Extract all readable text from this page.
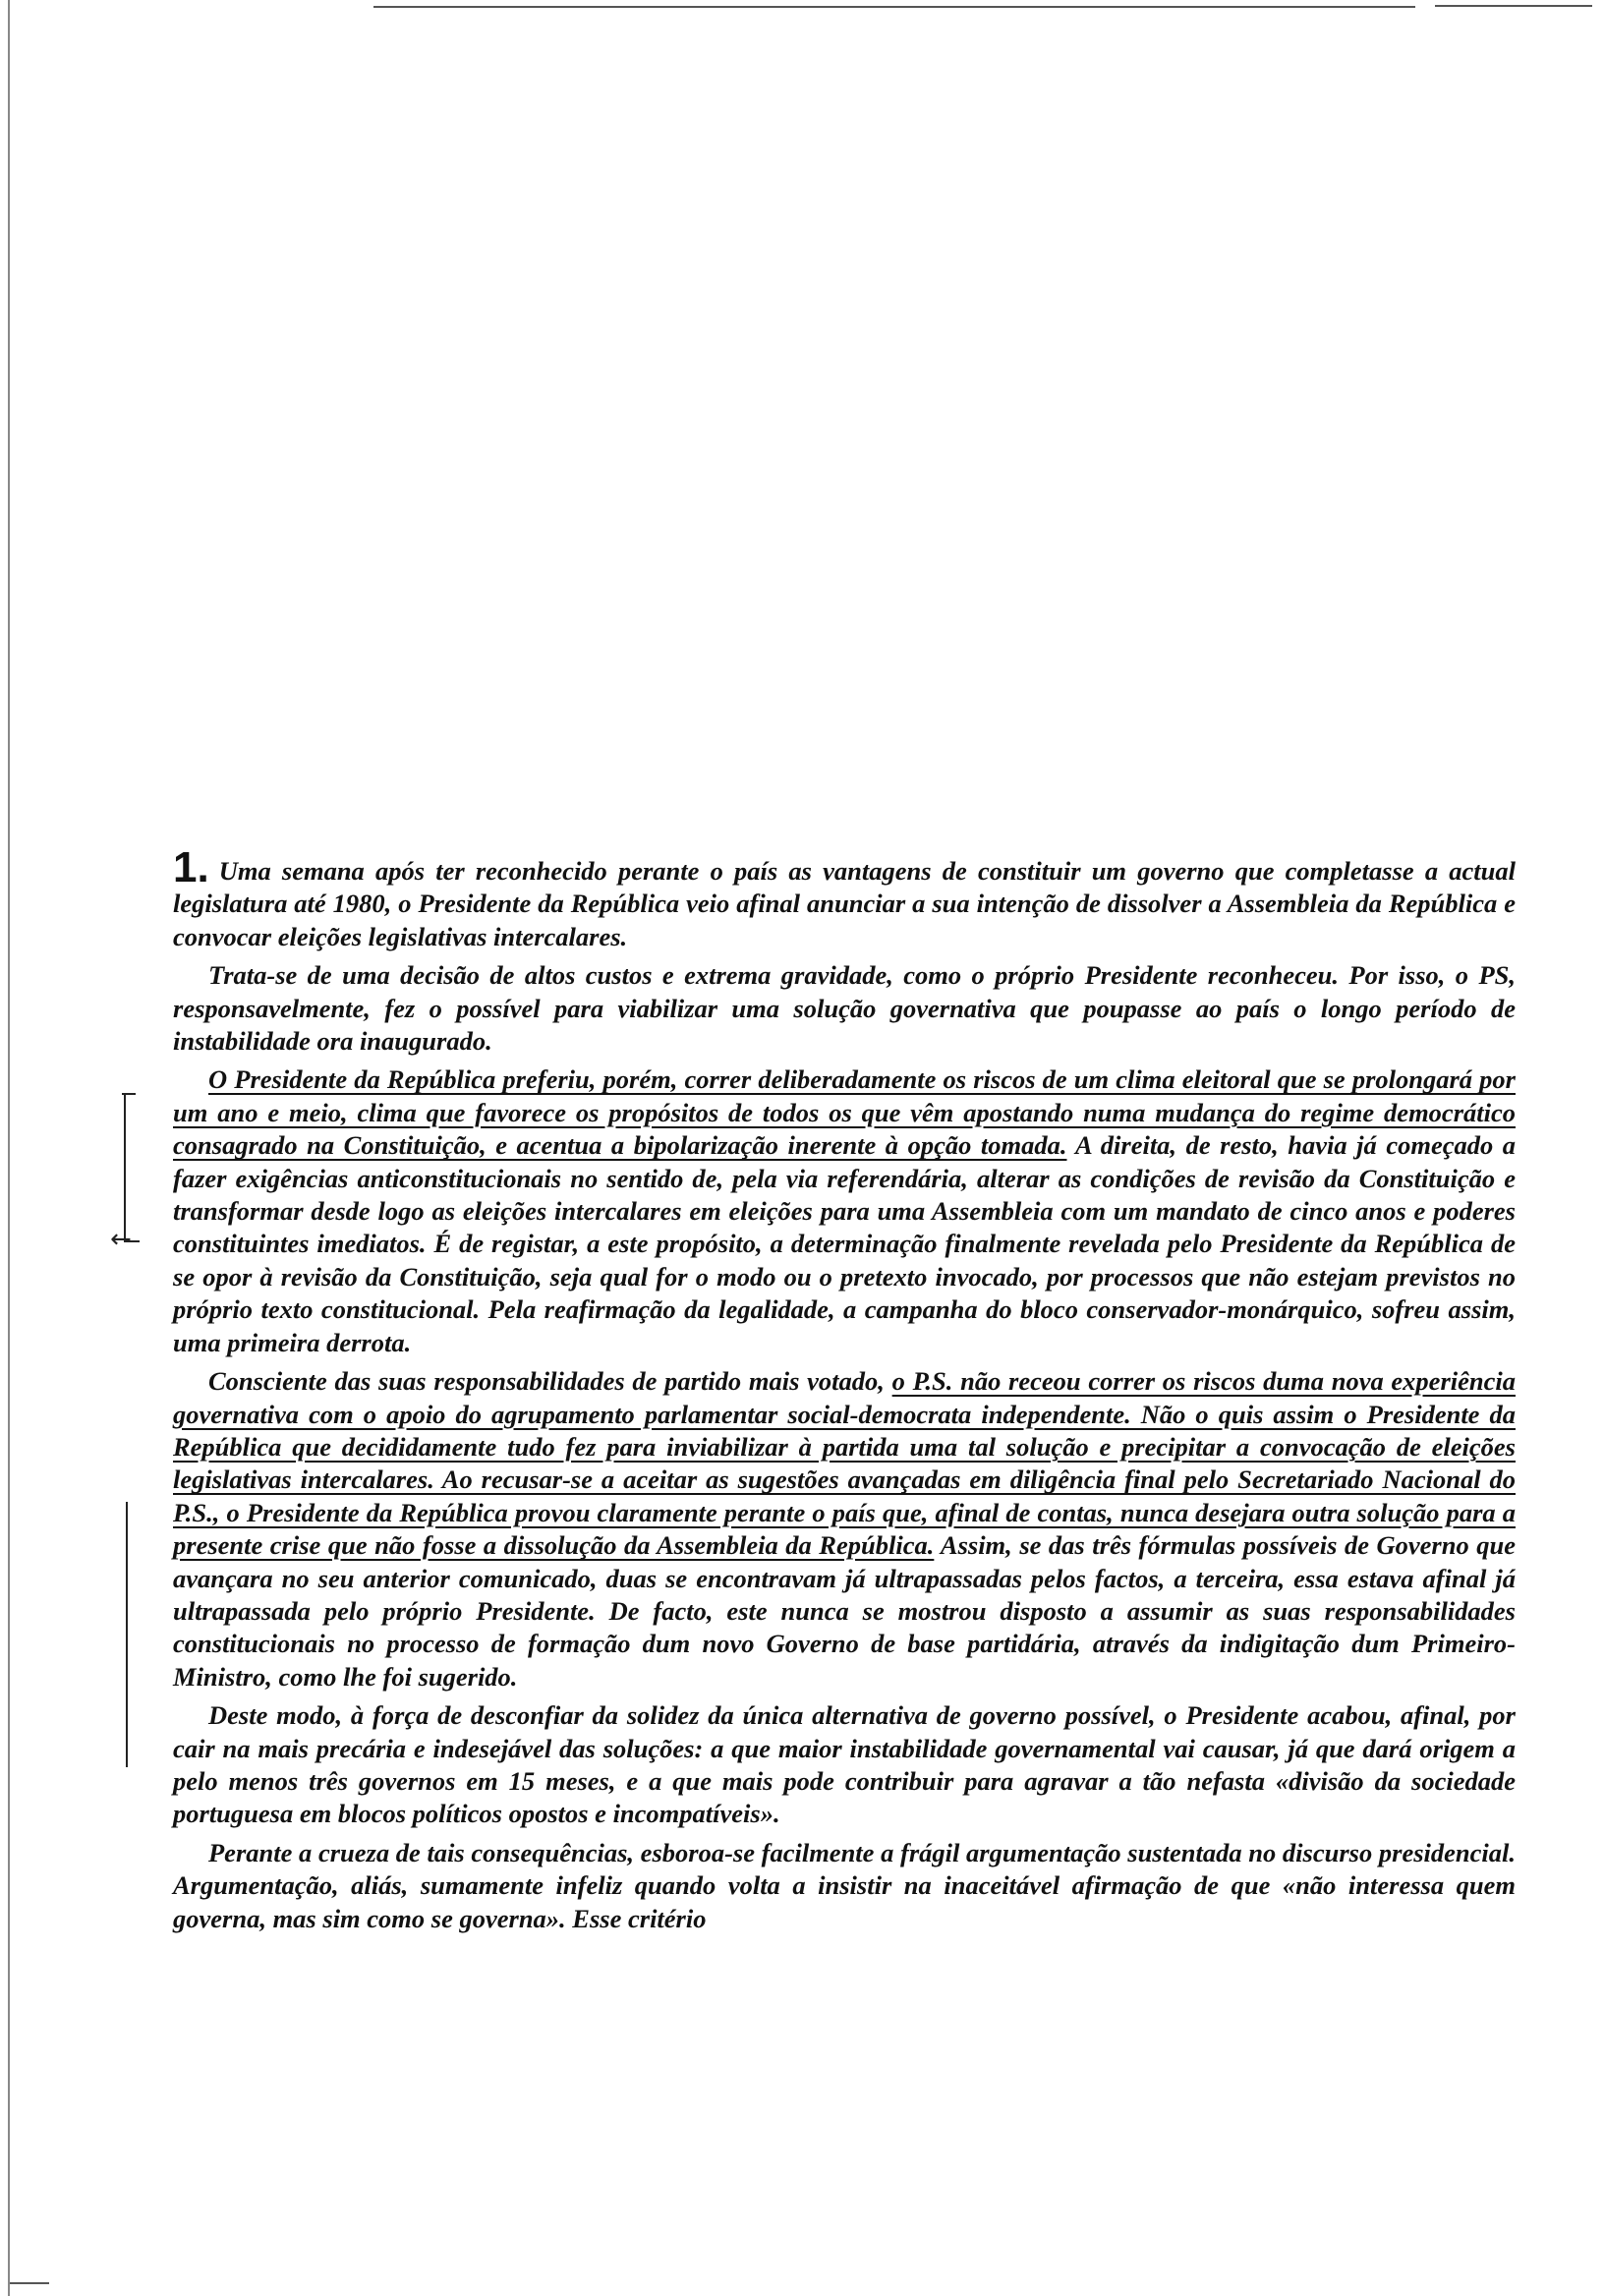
1. Uma semana após ter reconhecido perante o país as vantagens de constituir um governo que completasse a actual legislatura até 1980, o Presidente da República veio afinal anunciar a sua intenção de dissolver a Assembleia da República e convocar eleições legislativas intercalares.

Trata-se de uma decisão de altos custos e extrema gravidade, como o próprio Presidente reconheceu. Por isso, o PS, responsavelmente, fez o possível para viabilizar uma solução governativa que poupasse ao país o longo período de instabilidade ora inaugurado.

O Presidente da República preferiu, porém, correr deliberadamente os riscos de um clima eleitoral que se prolongará por um ano e meio, clima que favorece os propósitos de todos os que vêm apostando numa mudança do regime democrático consagrado na Constituição, e acentua a bipolarização inerente à opção tomada. A direita, de resto, havia já começado a fazer exigências anticonstitucionais no sentido de, pela via referendária, alterar as condições de revisão da Constituição e transformar desde logo as eleições intercalares em eleições para uma Assembleia com um mandato de cinco anos e poderes constituintes imediatos. É de registar, a este propósito, a determinação finalmente revelada pelo Presidente da República de se opor à revisão da Constituição, seja qual for o modo ou o pretexto invocado, por processos que não estejam previstos no próprio texto constitucional. Pela reafirmação da legalidade, a campanha do bloco conservador-monárquico, sofreu assim, uma primeira derrota.

Consciente das suas responsabilidades de partido mais votado, o P.S. não receou correr os riscos duma nova experiência governativa com o apoio do agrupamento parlamentar social-democrata independente. Não o quis assim o Presidente da República que decididamente tudo fez para inviabilizar à partida uma tal solução e precipitar a convocação de eleições legislativas intercalares. Ao recusar-se a aceitar as sugestões avançadas em diligência final pelo Secretariado Nacional do P.S., o Presidente da República provou claramente perante o país que, afinal de contas, nunca desejara outra solução para a presente crise que não fosse a dissolução da Assembleia da República. Assim, se das três fórmulas possíveis de Governo que avançara no seu anterior comunicado, duas se encontravam já ultrapassadas pelos factos, a terceira, essa estava afinal já ultrapassada pelo próprio Presidente. De facto, este nunca se mostrou disposto a assumir as suas responsabilidades constitucionais no processo de formação dum novo Governo de base partidária, através da indigitação dum Primeiro-Ministro, como lhe foi sugerido.

Deste modo, à força de desconfiar da solidez da única alternativa de governo possível, o Presidente acabou, afinal, por cair na mais precária e indesejável das soluções: a que maior instabilidade governamental vai causar, já que dará origem a pelo menos três governos em 15 meses, e a que mais pode contribuir para agravar a tão nefasta «divisão da sociedade portuguesa em blocos políticos opostos e incompatíveis».

Perante a crueza de tais consequências, esboroa-se facilmente a frágil argumentação sustentada no discurso presidencial. Argumentação, aliás, sumamente infeliz quando volta a insistir na inaceitável afirmação de que «não interessa quem governa, mas sim como se governa». Esse critério

←
